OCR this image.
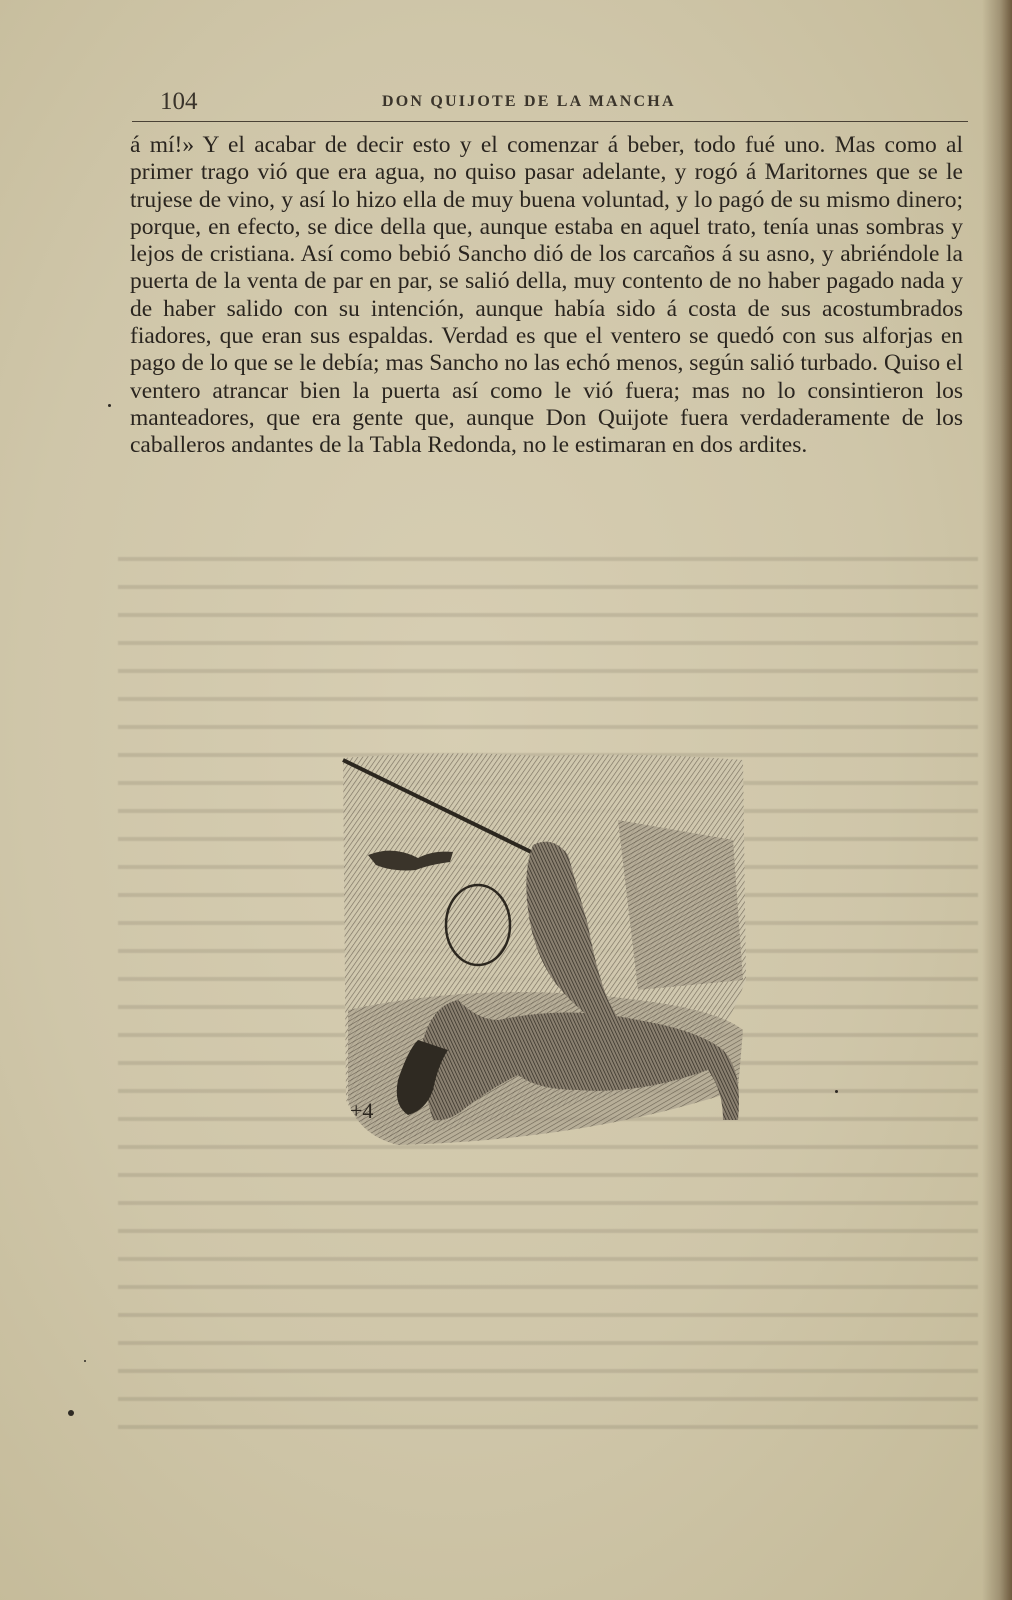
104	DON QUIJOTE DE LA MANCHA

á mí!» Y el acabar de decir esto y el comenzar á beber, todo fué uno. Mas como al primer trago vió que era agua, no quiso pasar adelante, y rogó á Maritornes que se le trujese de vino, y así lo hizo ella de muy buena voluntad, y lo pagó de su mismo dinero; porque, en efecto, se dice della que, aunque estaba en aquel trato, tenía unas sombras y lejos de cristiana. Así como bebió Sancho dió de los carcaños á su asno, y abriéndole la puerta de la venta de par en par, se salió della, muy contento de no haber pagado nada y de haber salido con su intención, aunque había sido á costa de sus acostumbrados fiadores, que eran sus espaldas. Verdad es que el ventero se quedó con sus alforjas en pago de lo que se le debía; mas Sancho no las echó menos, según salió turbado. Quiso el ventero atrancar bien la puerta así como le vió fuera; mas no lo consintieron los manteadores, que era gente que, aunque Don Quijote fuera verdaderamente de los caballeros andantes de la Tabla Redonda, no le estimaran en dos ardites.

+4
